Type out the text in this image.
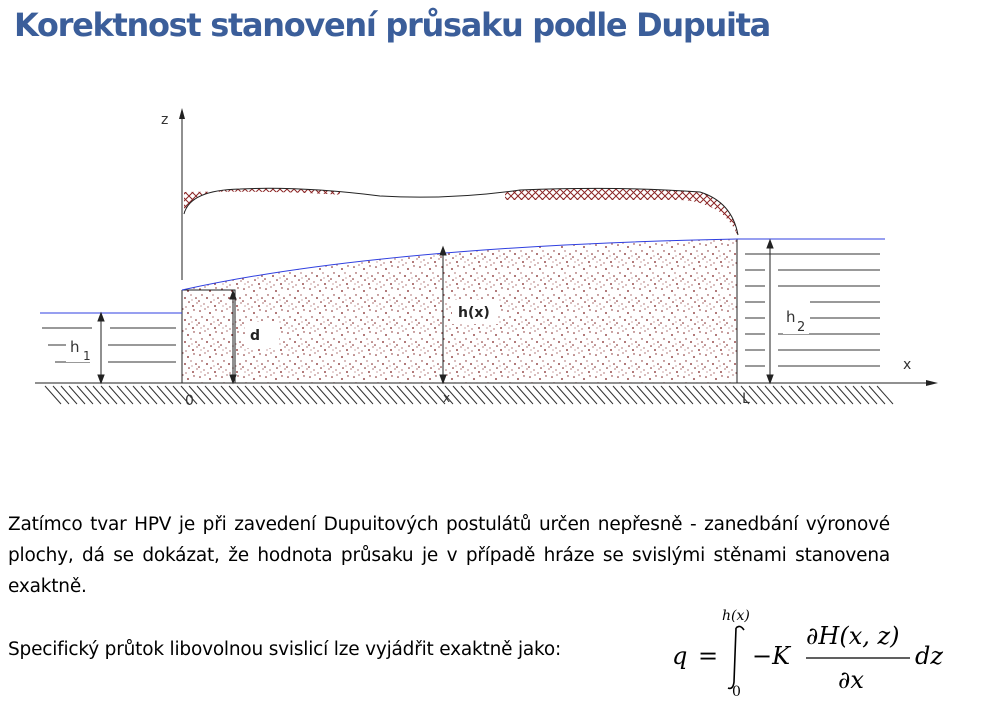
Korektnost stanovení průsaku podle Dupuita
z
x
0	L
x
d
h(x)
h 1
h
2

Zatímco tvar HPV je při zavedení Dupuitových postulátů určen nepřesně - zanedbání výronové plochy, dá se dokázat, že hodnota průsaku je v případě hráze se svislými stěnami stanovena exaktně.

Specifický průtok libovolnou svislicí lze vyjádřit exaktně jako:	q =
h(x)
0
−K
∂H(x, z)
∂x
dz
